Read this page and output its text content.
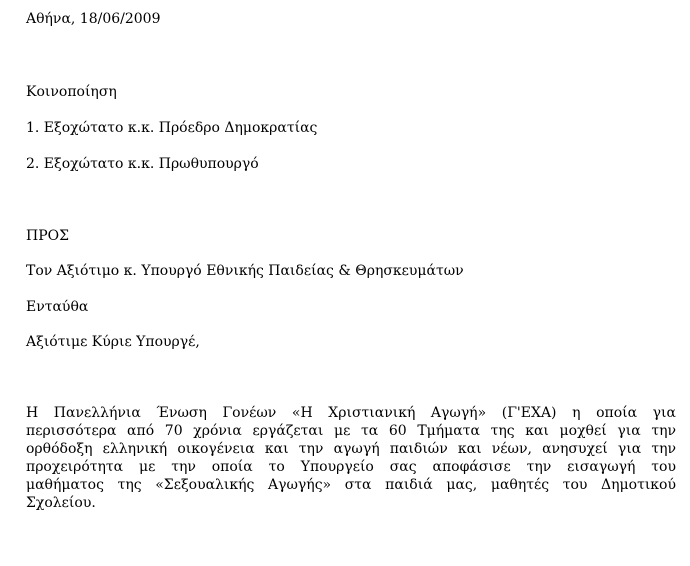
Αθήνα, 18/06/2009
Κοινοποίηση
1. Εξοχώτατο κ.κ. Πρόεδρο Δημοκρατίας
2. Εξοχώτατο κ.κ. Πρωθυπουργό
ΠΡΟΣ
Τον Αξιότιμο κ. Υπουργό Εθνικής Παιδείας & Θρησκευμάτων
Ενταύθα
Αξιότιμε Κύριε Υπουργέ,
Η Πανελλήνια Ένωση Γονέων «Η Χριστιανική Αγωγή» (Γ'ΕΧΑ) η οποία για
περισσότερα από 70 χρόνια εργάζεται με τα 60 Τμήματα της και μοχθεί για την
ορθόδοξη ελληνική οικογένεια και την αγωγή παιδιών και νέων, ανησυχεί για την
προχειρότητα με την οποία το Υπουργείο σας αποφάσισε την εισαγωγή του
μαθήματος της «Σεξουαλικής Αγωγής» στα παιδιά μας, μαθητές του Δημοτικού
Σχολείου.
